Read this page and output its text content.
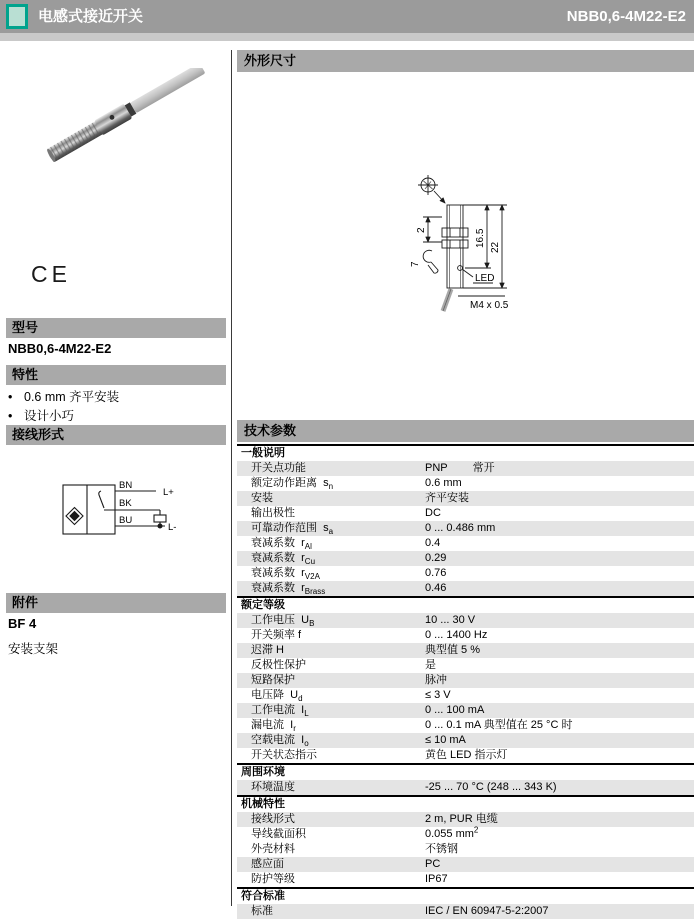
电感式接近开关	NBB0,6-4M22-E2
CE
型号
NBB0,6-4M22-E2
特性
• 0.6 mm 齐平安装
• 设计小巧
接线形式
BN
BK
BU
L+
L-
附件
BF 4
安装支架
外形尺寸
2
7
16.5 22
LED
M4 x 0.5
技术参数
一般说明
开关点功能	PNP 常开
额定动作距离  $s_n$	0.6 mm
安装	齐平安装
输出极性	DC
可靠动作范围  $s_a$	0 ... 0.486 mm
衰减系数  $r_{Al}$	0.4
衰减系数  $r_{Cu}$	0.29
衰减系数  $r_{V2A}$	0.76
衰减系数  $r_{Brass}$	0.46
额定等级
工作电压  $U_B$	10 ... 30 V
开关频率 f	0 ... 1400 Hz
迟滞 H	典型值 5 %
反极性保护	是
短路保护	脉冲
电压降  $U_d$	≤ 3 V
工作电流  $I_L$	0 ... 100 mA
漏电流  $I_r$	0 ... 0.1 mA 典型值在 25 °C 时
空载电流  $I_o$	≤ 10 mA
开关状态指示	黄色 LED 指示灯
周围环境
环境温度	-25 ... 70 °C (248 ... 343 K)
机械特性
接线形式	2 m, PUR 电缆
导线截面积	0.055 $mm^2$
外壳材料	不锈钢
感应面	PC
防护等级	IP67
符合标准
标准	IEC / EN 60947-5-2:2007
